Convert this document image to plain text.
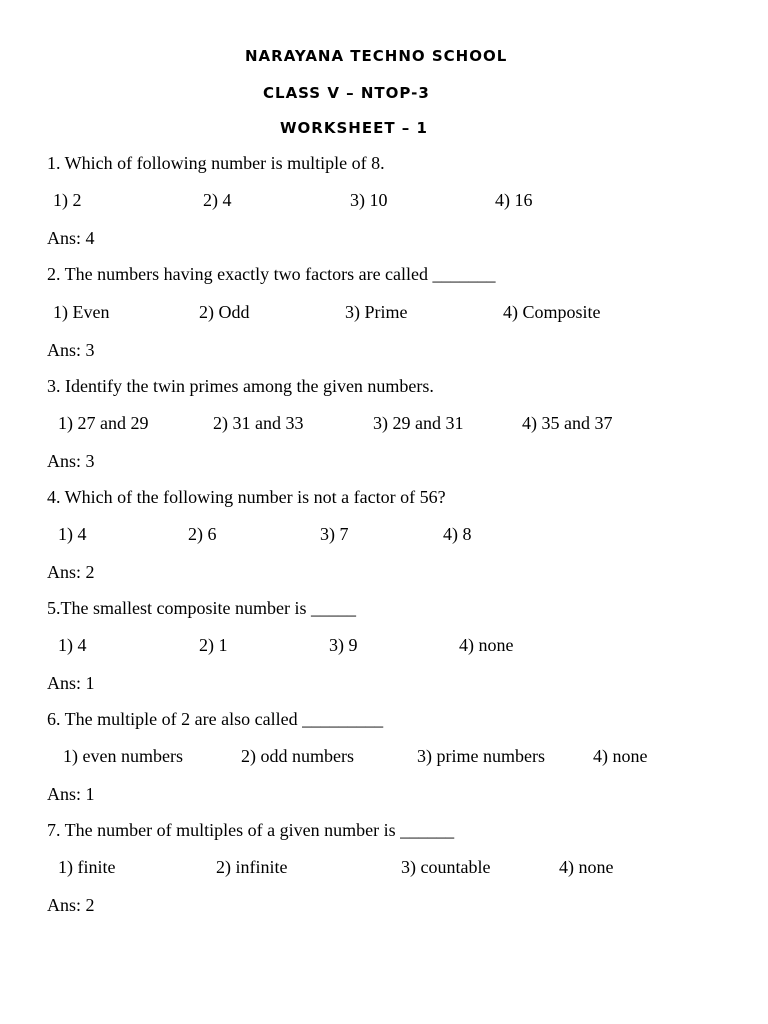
NARAYANA TECHNO SCHOOL
CLASS V – NTOP-3
WORKSHEET – 1

1. Which of following number is multiple of 8.

1) 2	2) 4	3) 10	4) 16

Ans: 4

2. The numbers having exactly two factors are called _______

1) Even	2) Odd	3) Prime	4) Composite

Ans: 3

3. Identify the twin primes among the given numbers.

1) 27 and 29	2) 31 and 33	3) 29 and 31	4) 35 and 37

Ans: 3

4. Which of the following number is not a factor of 56?

1) 4	2) 6	3) 7	4) 8

Ans: 2

5.The smallest composite number is _____

1) 4	2) 1	3) 9	4) none

Ans: 1

6. The multiple of 2 are also called _________

1) even numbers	2) odd numbers	3) prime numbers	4) none

Ans: 1

7. The number of multiples of a given number is ______

1) finite	2) infinite	3) countable	4) none

Ans: 2
